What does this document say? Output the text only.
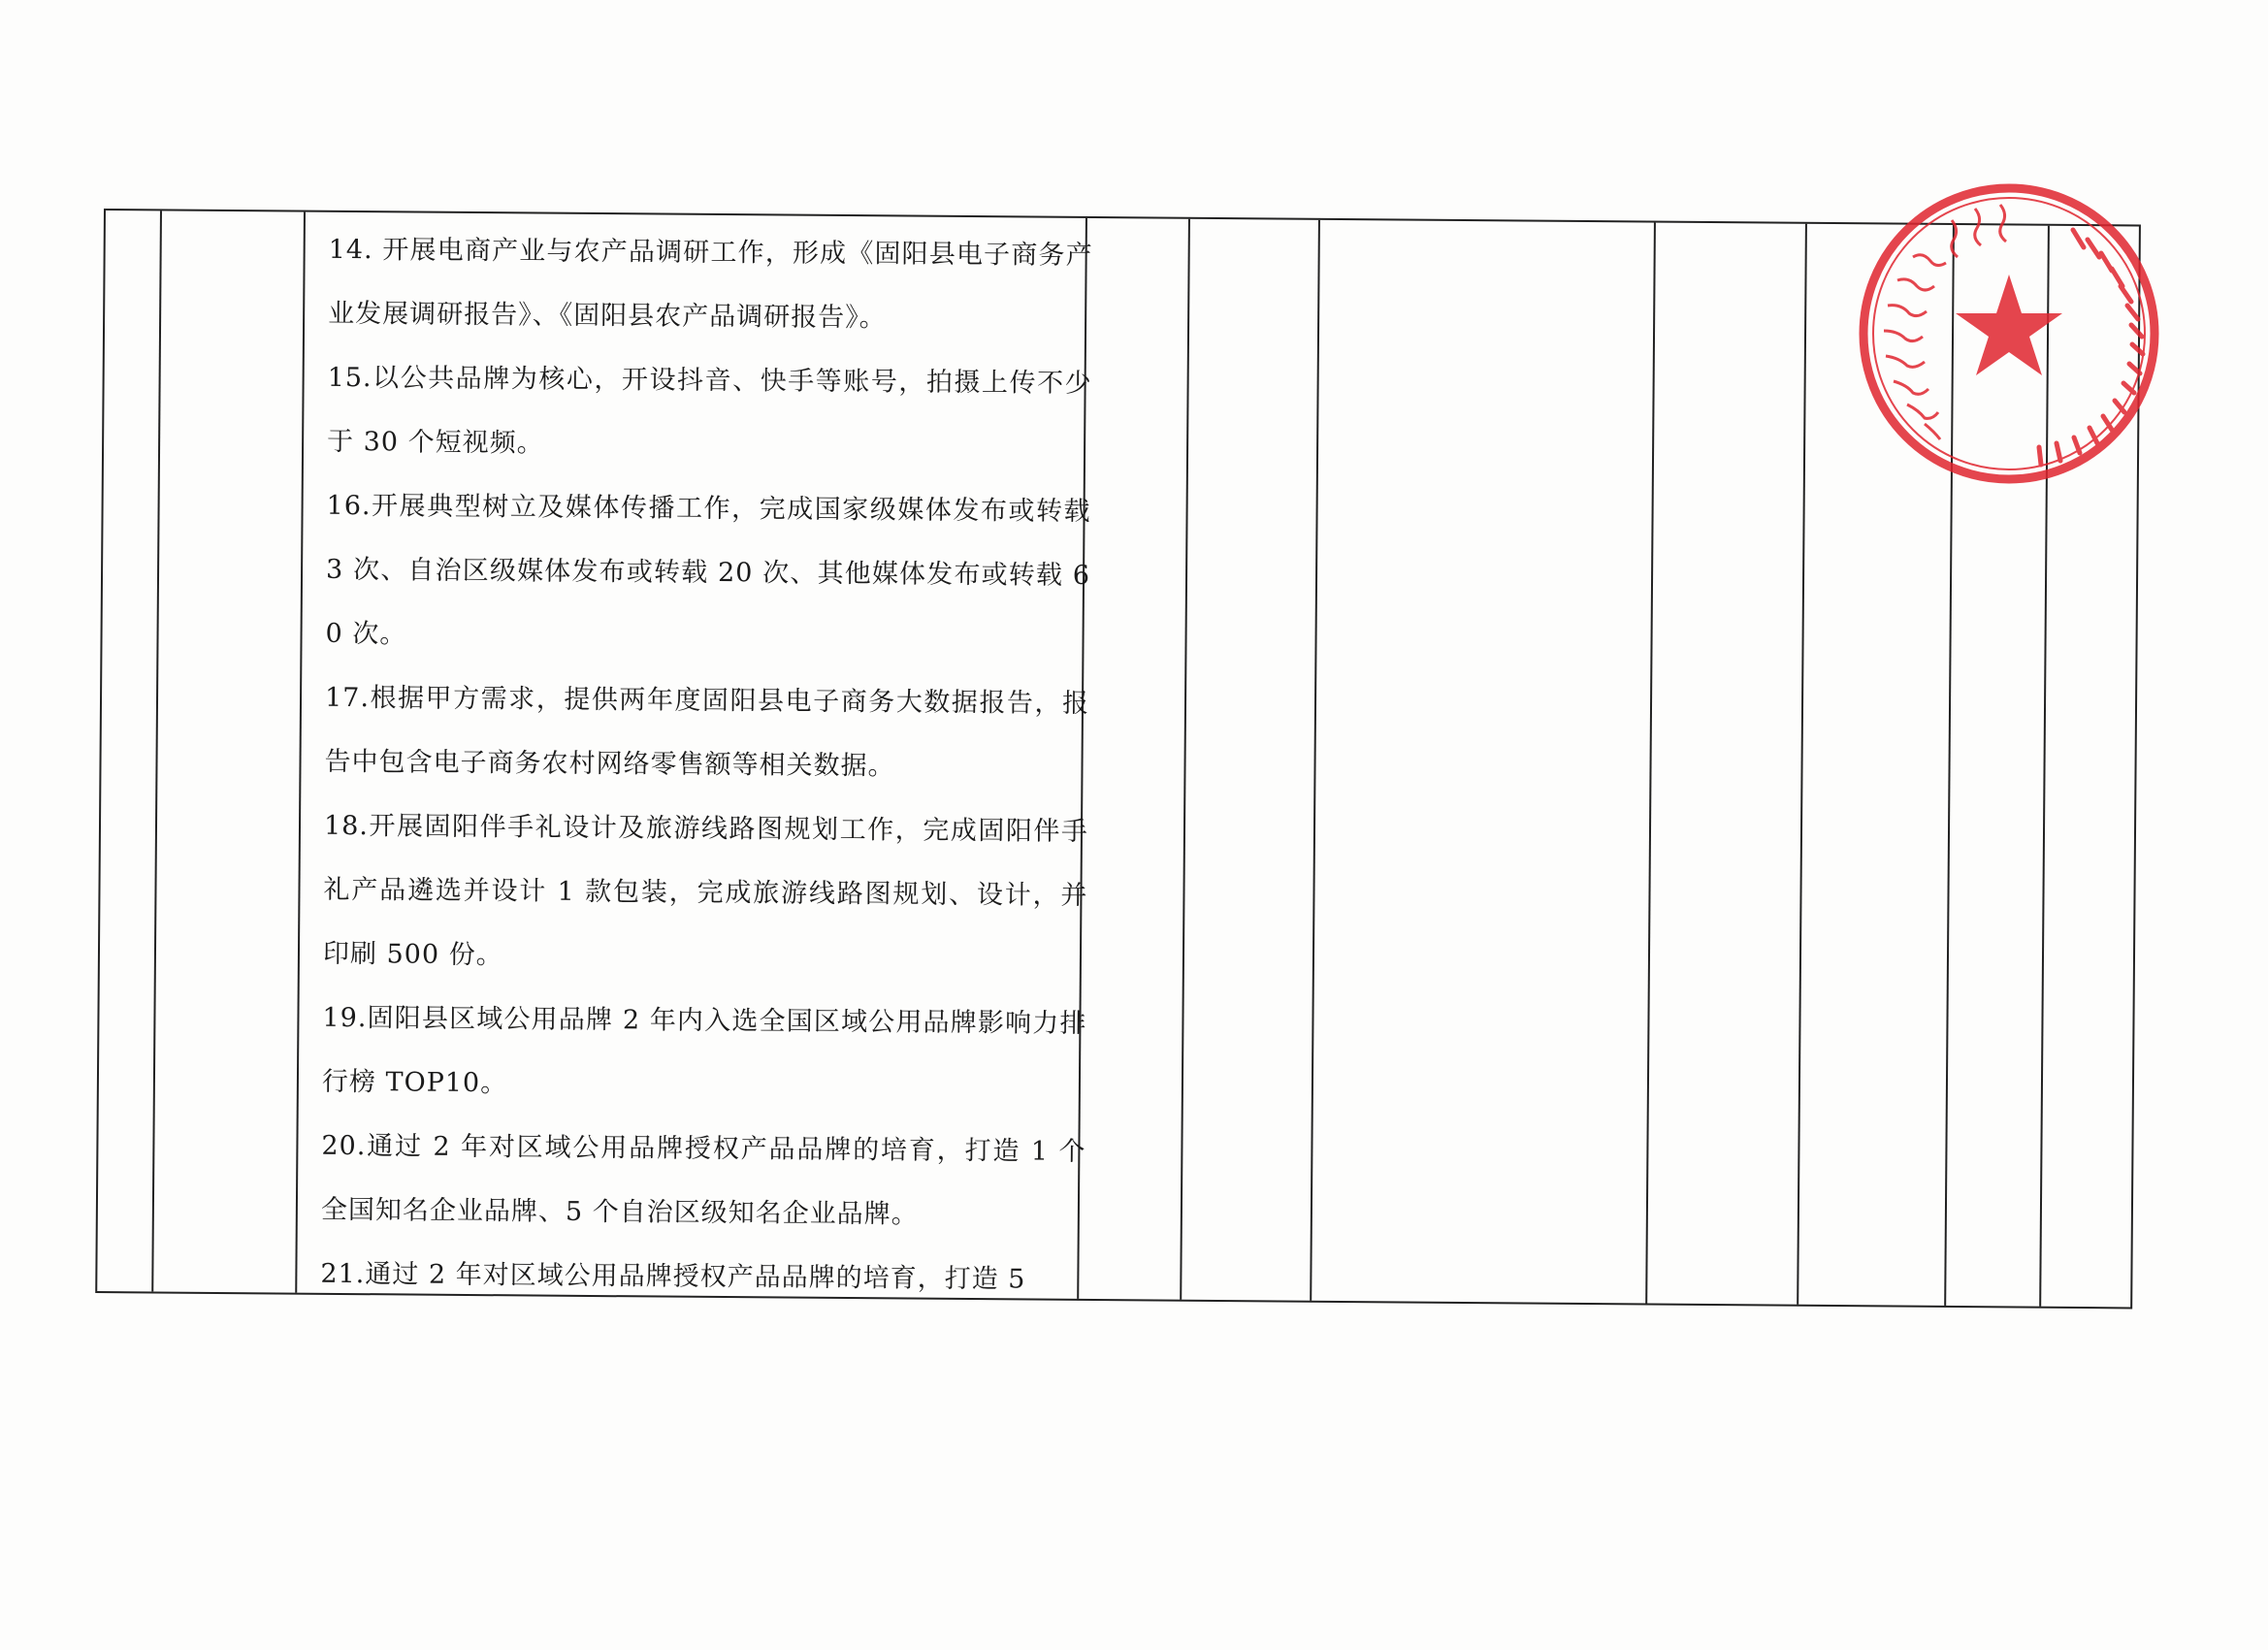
14. 开展电商产业与农产品调研工作，形成《固阳县电子商务产业发展调研报告》、《固阳县农产品调研报告》。

15.以公共品牌为核心，开设抖音、快手等账号，拍摄上传不少于 30 个短视频。

16.开展典型树立及媒体传播工作，完成国家级媒体发布或转载 3 次、自治区级媒体发布或转载 20 次、其他媒体发布或转载 60 次。

17.根据甲方需求，提供两年度固阳县电子商务大数据报告，报告中包含电子商务农村网络零售额等相关数据。

18.开展固阳伴手礼设计及旅游线路图规划工作，完成固阳伴手礼产品遴选并设计 1 款包装，完成旅游线路图规划、设计，并印刷 500 份。

19.固阳县区域公用品牌 2 年内入选全国区域公用品牌影响力排行榜 TOP10。

20.通过 2 年对区域公用品牌授权产品品牌的培育，打造 1 个全国知名企业品牌、5 个自治区级知名企业品牌。

21.通过 2 年对区域公用品牌授权产品品牌的培育，打造 5
